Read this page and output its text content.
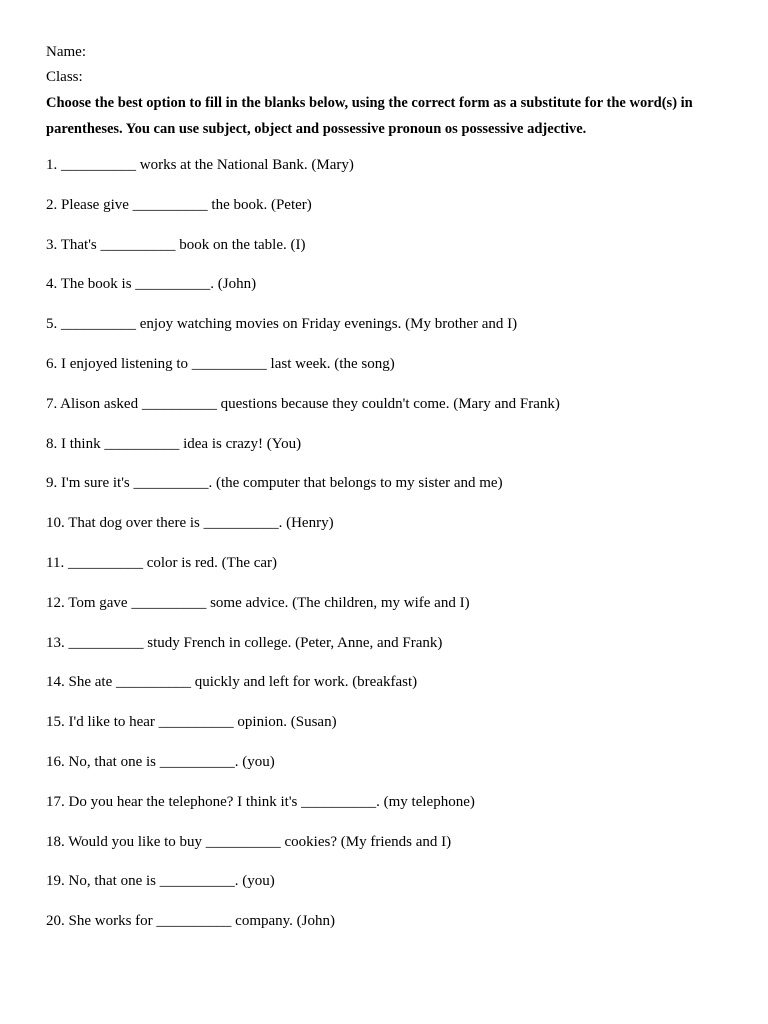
Name:
Class:
Choose the best option to fill in the blanks below, using the correct form as a substitute for the word(s) in parentheses. You can use subject, object and possessive pronoun os possessive adjective.
1. __________ works at the National Bank. (Mary)
2. Please give __________ the book. (Peter)
3. That's __________ book on the table. (I)
4. The book is __________. (John)
5. __________ enjoy watching movies on Friday evenings. (My brother and I)
6. I enjoyed listening to __________ last week. (the song)
7. Alison asked __________ questions because they couldn't come. (Mary and Frank)
8. I think __________ idea is crazy! (You)
9. I'm sure it's __________. (the computer that belongs to my sister and me)
10. That dog over there is __________. (Henry)
11. __________ color is red. (The car)
12. Tom gave __________ some advice. (The children, my wife and I)
13. __________ study French in college. (Peter, Anne, and Frank)
14. She ate __________ quickly and left for work. (breakfast)
15. I'd like to hear __________ opinion. (Susan)
16. No, that one is __________. (you)
17. Do you hear the telephone? I think it's __________. (my telephone)
18. Would you like to buy __________ cookies? (My friends and I)
19. No, that one is __________. (you)
20. She works for __________ company. (John)
